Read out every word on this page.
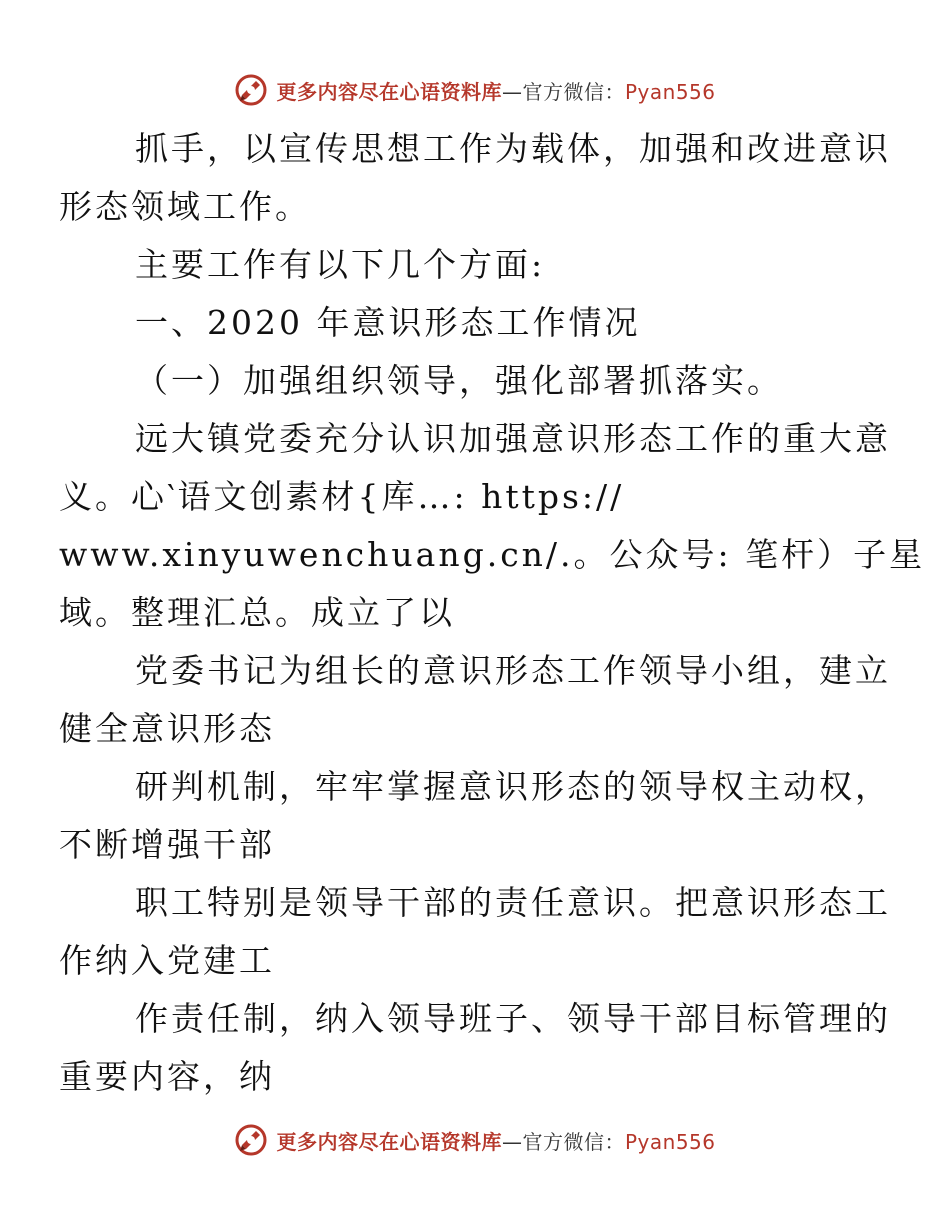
更多内容尽在心语资料库—官方微信：Pyan556

抓手，以宣传思想工作为载体，加强和改进意识
形态领域工作。

主要工作有以下几个方面:

一、2020 年意识形态工作情况

（一）加强组织领导，强化部署抓落实。

远大镇党委充分认识加强意识形态工作的重大意
义。心‵语文创素材{库…: https://
www.xinyuwenchuang.cn/.。公众号: 笔杆）子星
域。整理汇总。成立了以

党委书记为组长的意识形态工作领导小组，建立
健全意识形态

研判机制，牢牢掌握意识形态的领导权主动权，
不断增强干部

职工特别是领导干部的责任意识。把意识形态工
作纳入党建工

作责任制，纳入领导班子、领导干部目标管理的
重要内容，纳

更多内容尽在心语资料库—官方微信：Pyan556
